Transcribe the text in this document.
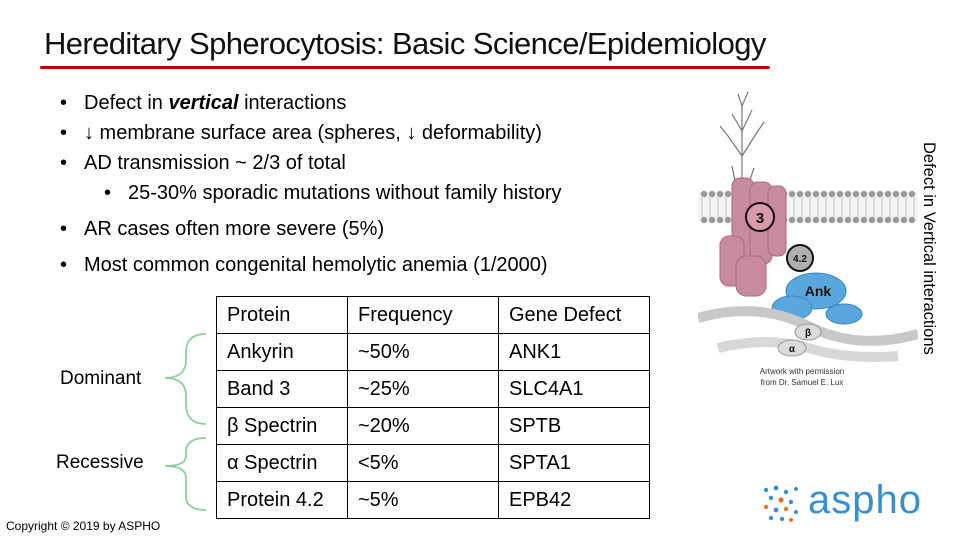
Hereditary Spherocytosis: Basic Science/Epidemiology
• Defect in vertical interactions
• ↓ membrane surface area (spheres, ↓ deformability)
• AD transmission ~ 2/3 of total
• 25-30% sporadic mutations without family history
• AR cases often more severe (5%)
• Most common congenital hemolytic anemia (1/2000)
Dominant
Recessive
Protein	Frequency	Gene Defect
Ankyrin	~50%	ANK1
Band 3	~25%	SLC4A1
β Spectrin	~20%	SPTB
α Spectrin	<5%	SPTA1
Protein 4.2	~5%	EPB42
3
4.2
Ank
β
α
Artwork with permission
from Dr. Samuel E. Lux
Defect in Vertical interactions
aspho
Copyright © 2019 by ASPHO
